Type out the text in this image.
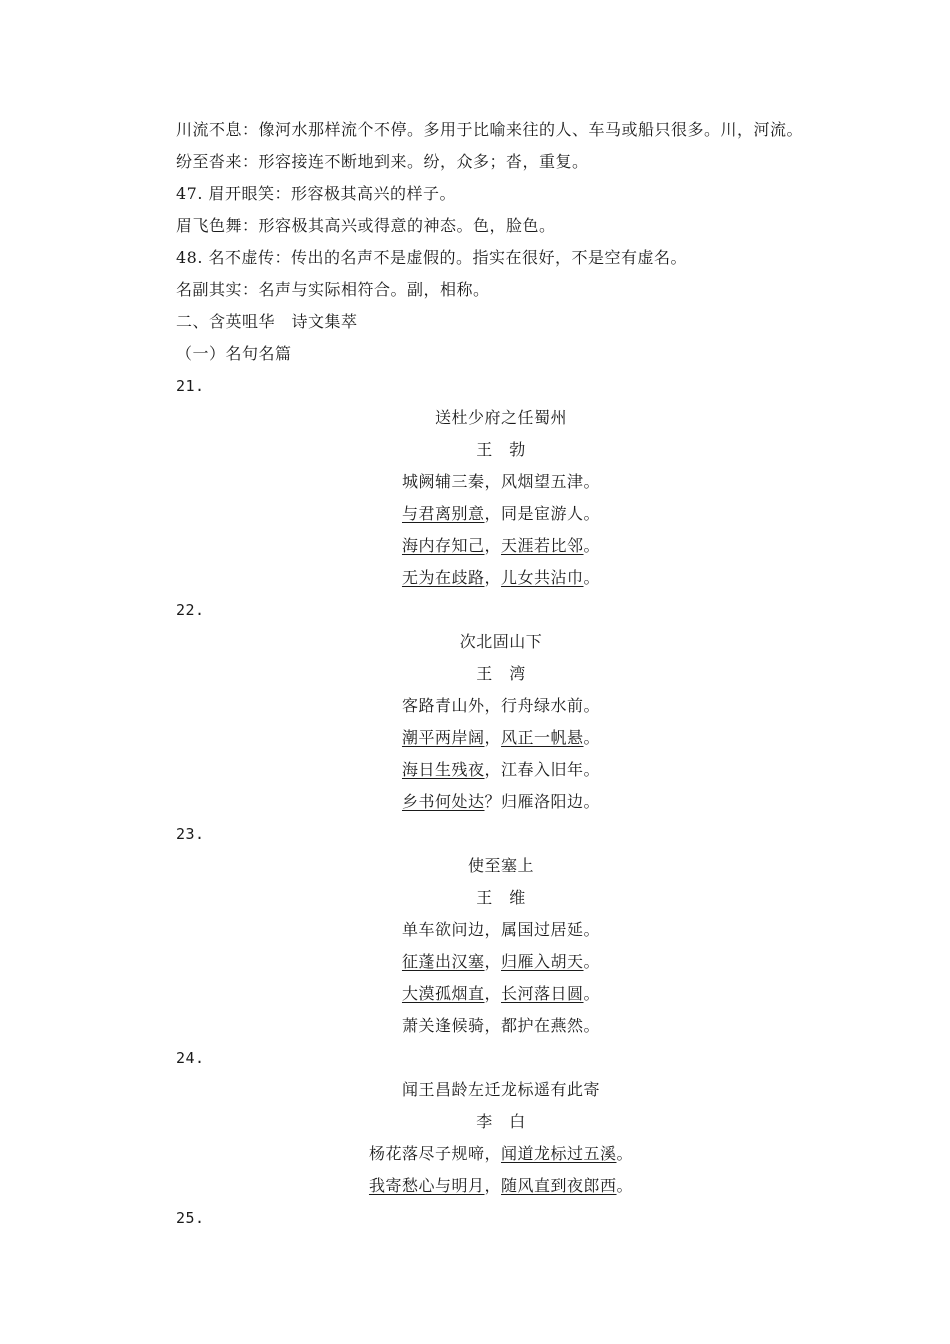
川流不息：像河水那样流个不停。多用于比喻来往的人、车马或船只很多。川，河流。
纷至沓来：形容接连不断地到来。纷，众多；沓，重复。
47. 眉开眼笑：形容极其高兴的样子。
眉飞色舞：形容极其高兴或得意的神态。色，脸色。
48. 名不虚传：传出的名声不是虚假的。指实在很好，不是空有虚名。
名副其实：名声与实际相符合。副，相称。
二、含英咀华　诗文集萃
（一）名句名篇
21.
送杜少府之任蜀州
王　勃
城阙辅三秦，风烟望五津。
与君离别意，同是宦游人。
海内存知己，天涯若比邻。
无为在歧路，儿女共沾巾。
22.
次北固山下
王　湾
客路青山外，行舟绿水前。
潮平两岸阔，风正一帆悬。
海日生残夜，江春入旧年。
乡书何处达？归雁洛阳边。
23.
使至塞上
王　维
单车欲问边，属国过居延。
征蓬出汉塞，归雁入胡天。
大漠孤烟直，长河落日圆。
萧关逢候骑，都护在燕然。
24.
闻王昌龄左迁龙标遥有此寄
李　白
杨花落尽子规啼，闻道龙标过五溪。
我寄愁心与明月，随风直到夜郎西。
25.
